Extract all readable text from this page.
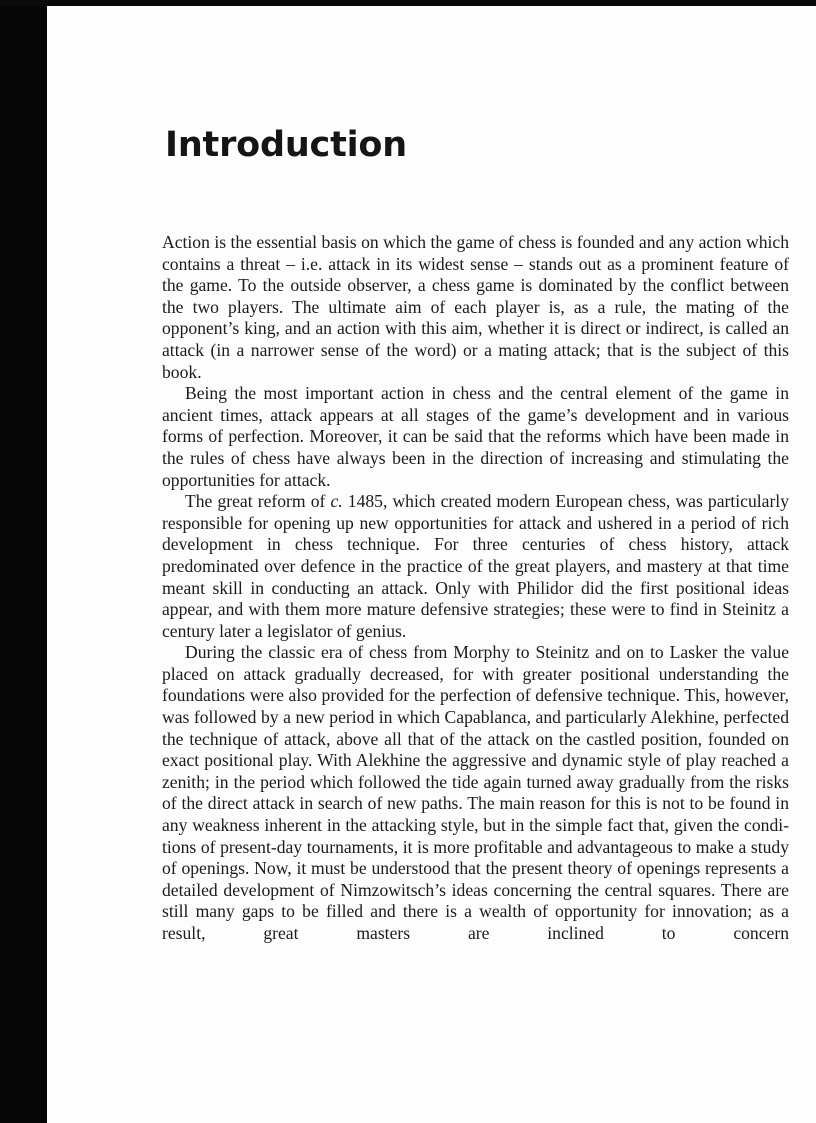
Introduction

Action is the essential basis on which the game of chess is founded and any action which contains a threat – i.e. attack in its widest sense – stands out as a prominent feature of the game. To the outside observer, a chess game is dominated by the conflict between the two players. The ultimate aim of each player is, as a rule, the mating of the opponent’s king, and an action with this aim, whether it is direct or indirect, is called an attack (in a narrower sense of the word) or a mating attack; that is the subject of this book.

Being the most important action in chess and the central element of the game in ancient times, attack appears at all stages of the game’s development and in various forms of perfection. Moreover, it can be said that the reforms which have been made in the rules of chess have always been in the direction of increasing and stimulating the opportunities for attack.

The great reform of c. 1485, which created modern European chess, was particularly responsible for opening up new opportunities for attack and ushered in a period of rich development in chess technique. For three centuries of chess history, attack predominated over defence in the practice of the great players, and mastery at that time meant skill in conducting an attack. Only with Philidor did the first positional ideas appear, and with them more mature defensive strategies; these were to find in Steinitz a century later a legislator of genius.

During the classic era of chess from Morphy to Steinitz and on to Lasker the value placed on attack gradually decreased, for with greater positional understanding the foundations were also provided for the perfection of defensive technique. This, however, was followed by a new period in which Capablanca, and particularly Alekhine, perfected the technique of attack, above all that of the attack on the castled position, founded on exact positional play. With Alekhine the aggressive and dynamic style of play reached a zenith; in the period which followed the tide again turned away gradually from the risks of the direct attack in search of new paths. The main reason for this is not to be found in any weakness inherent in the attacking style, but in the simple fact that, given the conditions of present-day tournaments, it is more profitable and advantageous to make a study of openings. Now, it must be understood that the present theory of openings represents a detailed development of Nimzowitsch’s ideas concerning the central squares. There are still many gaps to be filled and there is a wealth of opportunity for innovation; as a result, great masters are inclined to concern
